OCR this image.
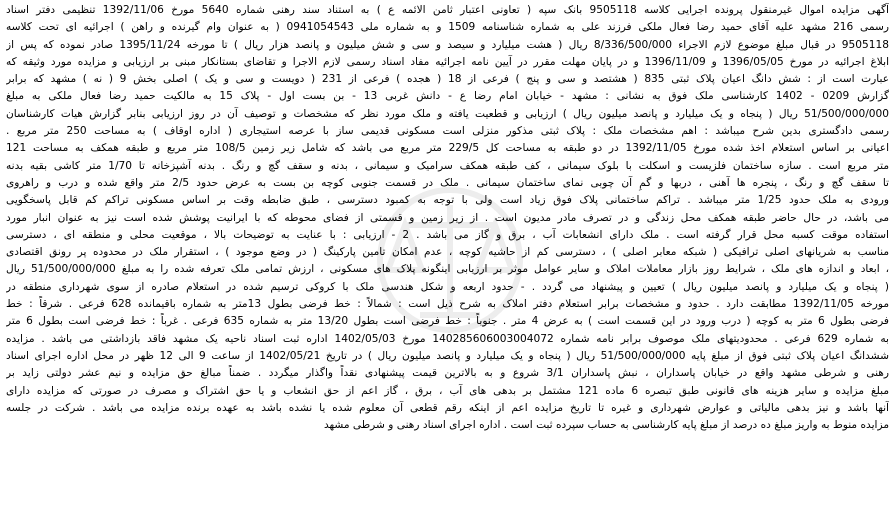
آگهی مزایده اموال غیرمنقول پرونده اجرایی کلاسه 9505118 بانک سپه ( تعاونی اعتبار ثامن الائمه ع ) به استناد سند رهنی شماره 5640 مورخ 1392/11/06 تنظیمی دفتر اسناد
رسمی 216 مشهد علیه آقای حمید رضا فعال ملکی فرزند علی به شماره شناسنامه 1509 و به شماره ملی 0941054543 ( به عنوان وام گیرنده و راهن ) اجرائیه ای تحت کلاسه
9505118 در قبال مبلغ موضوع لازم الاجراء 8/336/500/000 ریال ( هشت میلیارد و سیصد و سی و شش میلیون و پانصد هزار ریال ) تا مورخه 1395/11/24 صادر نموده که پس از
ابلاغ اجرائیه در مورخ 1396/05/05 و 1396/11/09 و در پایان مهلت مقرر در آیین نامه اجرائیه مفاد اسناد رسمی لازم الاجرا و تقاضای بستانکار مبنی بر ارزیابی و مزایده مورد وثیقه که
عبارت است از : شش دانگ اعیان پلاک ثبتی 835 ( هشتصد و سی و پنج ) فرعی از 18 ( هجده ) فرعی از 231 ( دویست و سی و یک ) اصلی بخش 9 ( نه ) مشهد که برابر
گزارش 0209 - 1402 کارشناسی ملک فوق به نشانی : مشهد - خیابان امام رضا ع - دانش غربی 13 - بن بست اول - پلاک 15 به مالکیت حمید رضا فعال ملکی به مبلغ
51/500/000/000 ریال ( پنجاه و یک میلیارد و پانصد میلیون ریال ) ارزیابی و قطعیت یافته و ملک مورد نظر که مشخصات و توصیف آن در روز ارزیابی بنابر گزارش هیات کارشناسان
رسمی دادگستری بدین شرح میباشد : اهم مشخصات ملک : پلاک ثبتی مذکور منزلی است مسکونی قدیمی ساز با عرصه استیجاری ( اداره اوقاف ) به مساحت 250 متر مربع .
اعیانی بر اساس استعلام اخذ شده مورخ 1392/11/05 در دو طبقه به مساحت کل 229/5 متر مربع می باشد که شامل زیر زمین 108/5 متر مربع و طبقه همکف به مساحت 121
متر مربع است . سازه ساختمان فلزیست و اسکلت با بلوک سیمانی ، کف طبقه همکف سرامیک و سیمانی ، بدنه و سقف گچ و رنگ . بدنه آشپزخانه تا 1/70 متر کاشی بقیه بدنه
تا سقف گچ و رنگ ، پنجره ها آهنی ، دربها و گمِ آن چوبی نمای ساختمان سیمانی . ملک در قسمت جنوبی کوچه بن بست به عرض حدود 2/5 متر واقع شده و درب و راهروی
ورودی به ملک حدود 1/25 متر میباشد . تراکم ساختمانی پلاک فوق زیاد است ولی با توجه به کمبود دسترسی ، طبق ضابطه وقت بر اساس مسکونی تراکم کم قابل پاسخگویی
می باشد، در حال حاضر طبقه همکف محل زندگی و در تصرف مادر مدیون است . از زیر زمین و قسمتی از فضای محوطه که با ایرانیت پوشش شده است نیز به عنوان انبار مورد
استفاده موقت کسبه محل قرار گرفته است . ملک دارای انشعابات آب ، برق و گاز می باشد . 2 - ارزیابی : با عنایت به توضیحات بالا ، موقعیت محلی و منطقه ای ، دسترسی
مناسب به شریانهای اصلی ترافیکی ( شبکه معابر اصلی ) ، دسترسی کم از حاشیه کوچه ، عدم امکان تامین پارکینگ ( در وضع موجود ) ، استقرار ملک در محدوده پر رونق اقتصادی
، ابعاد و اندازه های ملک ، شرایط روز بازار معاملات املاک و سایر عوامل موثر بر ارزیابی اینگونه پلاک های مسکونی ، ارزش تمامی ملک تعرفه شده را به مبلغ 51/500/000/000 ریال
( پنجاه و یک میلیارد و پانصد میلیون ریال ) تعیین و پیشنهاد می گردد . - حدود اربعه و شکل هندسی ملک با کروکی ترسیم شده در استعلام صادره از سوی شهرداری منطقه در
مورخه 1392/11/05 مطابقت دارد . حدود و مشخصات برابر استعلام دفتر املاک به شرح ذیل است : شمالاً : خط فرضی بطول 13متر به شماره باقیمانده 628 فرعی . شرقاً : خط
فرضی بطول 6 متر به کوچه ( درب ورود در این قسمت است ) به عرض 4 متر . جنوباً : خط فرضی است بطول 13/20 متر به شماره 635 فرعی . غرباً : خط فرضی است بطول 6 متر
به شماره 629 فرعی . محدودیتهای ملک موصوف برابر نامه شماره 140285606003004072 مورخ 1402/05/03 اداره ثبت اسناد ناحیه یک مشهد فاقد بازداشتی می باشد . مزایده
ششدانگ اعیان پلاک ثبتی فوق از مبلغ پایه 51/500/000/000 ریال ( پنجاه و یک میلیارد و پانصد میلیون ریال ) در تاریخ 1402/05/21 از ساعت 9 الی 12 ظهر در محل اداره اجرای اسناد
رهنی و شرطی مشهد واقع در خیابان پاسداران ، نبش پاسداران 3/1 شروع و به بالاترین قیمت پیشنهادی نقداً واگذار میگردد . ضمناً مبالغ حق مزایده و نیم عشر دولتی زاید بر
مبلغ مزایده و سایر هزینه های قانونی طبق تبصره 6 ماده 121 مشتمل بر بدهی های آب ، برق ، گاز اعم از حق انشعاب و یا حق اشتراک و مصرف در صورتی که مزایده دارای
آنها باشد و نیز بدهی مالیاتی و عوارض شهرداری و غیره تا تاریخ مزایده اعم از اینکه رقم قطعی آن معلوم شده یا نشده باشد به عهده برنده مزایده می باشد . شرکت در جلسه
مزایده منوط به واریز مبلغ ده درصد از مبلغ پایه کارشناسی به حساب سپرده ثبت است . اداره اجرای اسناد رهنی و شرطی مشهد
